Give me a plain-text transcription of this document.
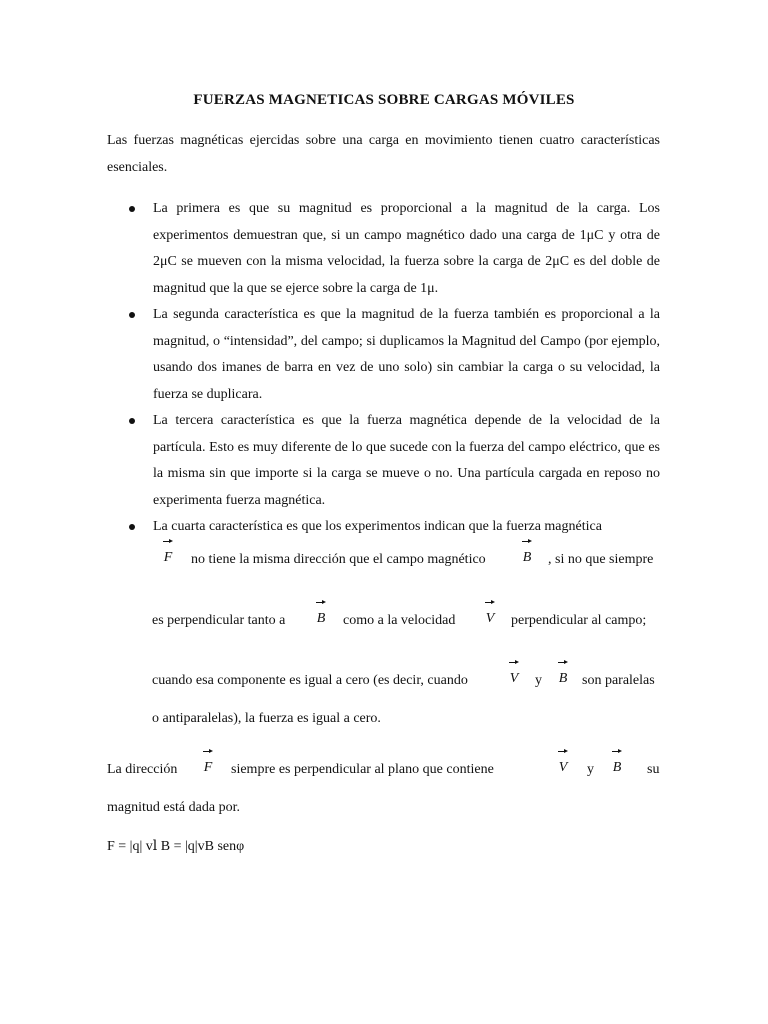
FUERZAS MAGNETICAS SOBRE CARGAS MÓVILES
Las fuerzas magnéticas ejercidas sobre una carga en movimiento tienen cuatro características esenciales.
La primera es que su magnitud es proporcional a la magnitud de la carga. Los experimentos demuestran que, si un campo magnético dado una carga de 1μC y otra de 2μC se mueven con la misma velocidad, la fuerza sobre la carga de 2μC es del doble de magnitud que la que se ejerce sobre la carga de 1μ.
La segunda característica es que la magnitud de la fuerza también es proporcional a la magnitud, o “intensidad”, del campo; si duplicamos la Magnitud del Campo (por ejemplo, usando dos imanes de barra en vez de uno solo) sin cambiar la carga o su velocidad, la fuerza se duplicara.
La tercera característica es que la fuerza magnética depende de la velocidad de la partícula. Esto es muy diferente de lo que sucede con la fuerza del campo eléctrico, que es la misma sin que importe si la carga se mueve o no. Una partícula cargada en reposo no experimenta fuerza magnética.
La cuarta característica es que los experimentos indican que la fuerza magnética
F no tiene la misma dirección que el campo magnético	B , si no que siempre
es perpendicular tanto a B como a la velocidad V perpendicular al campo;
cuando esa componente es igual a cero (es decir, cuando	V y B son paralelas
o antiparalelas), la fuerza es igual a cero.
La dirección F siempre es perpendicular al plano que contiene	V y B su
magnitud está dada por.
F = |q| vⅼ B = |q|vB senφ
